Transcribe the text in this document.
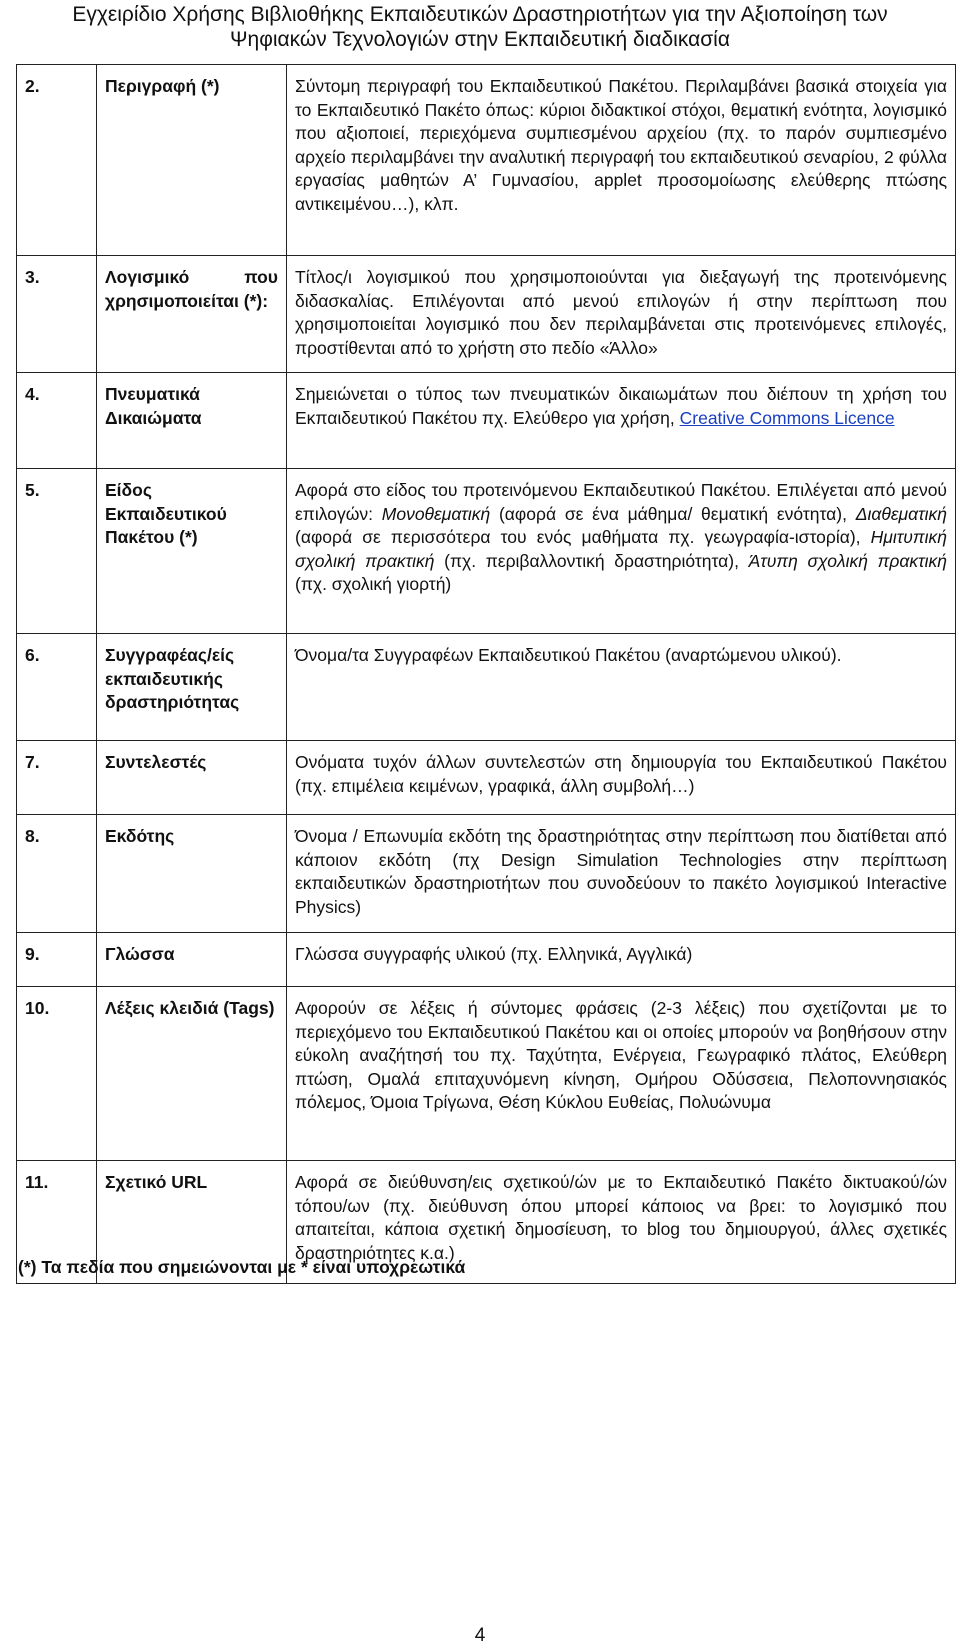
Εγχειρίδιο Χρήσης Βιβλιοθήκης Εκπαιδευτικών Δραστηριοτήτων για την Αξιοποίηση των
Ψηφιακών Τεχνολογιών στην Εκπαιδευτική διαδικασία
2.	Περιγραφή (*)	Σύντομη περιγραφή του Εκπαιδευτικού Πακέτου. Περιλαμβάνει βασικά στοιχεία για το Εκπαιδευτικό Πακέτο όπως: κύριοι διδακτικοί στόχοι, θεματική ενότητα, λογισμικό που αξιοποιεί, περιεχόμενα συμπιεσμένου αρχείου (πχ. το παρόν συμπιεσμένο αρχείο περιλαμβάνει την αναλυτική περιγραφή του εκπαιδευτικού σεναρίου, 2 φύλλα εργασίας μαθητών Α’ Γυμνασίου, applet προσομοίωσης ελεύθερης πτώσης αντικειμένου…), κλπ.
3.	Λογισμικό που χρησιμοποιείται (*):	Τίτλος/ι λογισμικού που χρησιμοποιούνται για διεξαγωγή της προτεινόμενης διδασκαλίας. Επιλέγονται από μενού επιλογών ή στην περίπτωση που χρησιμοποιείται λογισμικό που δεν περιλαμβάνεται στις προτεινόμενες επιλογές, προστίθενται από το χρήστη στο πεδίο «Άλλο»
4.	Πνευματικά Δικαιώματα	Σημειώνεται ο τύπος των πνευματικών δικαιωμάτων που διέπουν τη χρήση του Εκπαιδευτικού Πακέτου πχ. Ελεύθερο για χρήση, Creative Commons Licence
5.	Είδος Εκπαιδευτικού Πακέτου (*)	Αφορά στο είδος του προτεινόμενου Εκπαιδευτικού Πακέτου. Επιλέγεται από μενού επιλογών: Μονοθεματική (αφορά σε ένα μάθημα/ θεματική ενότητα), Διαθεματική (αφορά σε περισσότερα του ενός μαθήματα πχ. γεωγραφία-ιστορία), Ημιτυπική σχολική πρακτική (πχ. περιβαλλοντική δραστηριότητα), Άτυπη σχολική πρακτική (πχ. σχολική γιορτή)
6.	Συγγραφέας/είς εκπαιδευτικής δραστηριότητας	Όνομα/τα Συγγραφέων Εκπαιδευτικού Πακέτου (αναρτώμενου υλικού).
7.	Συντελεστές	Ονόματα τυχόν άλλων συντελεστών στη δημιουργία του Εκπαιδευτικού Πακέτου (πχ. επιμέλεια κειμένων, γραφικά, άλλη συμβολή…)
8.	Εκδότης	Όνομα / Επωνυμία εκδότη της δραστηριότητας στην περίπτωση που διατίθεται από κάποιον εκδότη (πχ Design Simulation Technologies στην περίπτωση εκπαιδευτικών δραστηριοτήτων που συνοδεύουν το πακέτο λογισμικού Interactive Physics)
9.	Γλώσσα	Γλώσσα συγγραφής υλικού (πχ. Ελληνικά, Αγγλικά)
10.	Λέξεις κλειδιά (Tags)	Αφορούν σε λέξεις ή σύντομες φράσεις (2-3 λέξεις) που σχετίζονται με το περιεχόμενο του Εκπαιδευτικού Πακέτου και οι οποίες μπορούν να βοηθήσουν στην εύκολη αναζήτησή του πχ. Ταχύτητα, Ενέργεια, Γεωγραφικό πλάτος, Ελεύθερη πτώση, Ομαλά επιταχυνόμενη κίνηση, Ομήρου Οδύσσεια, Πελοποννησιακός πόλεμος, Όμοια Τρίγωνα, Θέση Κύκλου Ευθείας, Πολυώνυμα
11.	Σχετικό URL	Αφορά σε διεύθυνση/εις σχετικού/ών με το Εκπαιδευτικό Πακέτο δικτυακού/ών τόπου/ων (πχ. διεύθυνση όπου μπορεί κάποιος να βρει: το λογισμικό που απαιτείται, κάποια σχετική δημοσίευση, το blog του δημιουργού, άλλες σχετικές δραστηριότητες κ.α.)
(*) Τα πεδία που σημειώνονται με * είναι υποχρεωτικά
4
